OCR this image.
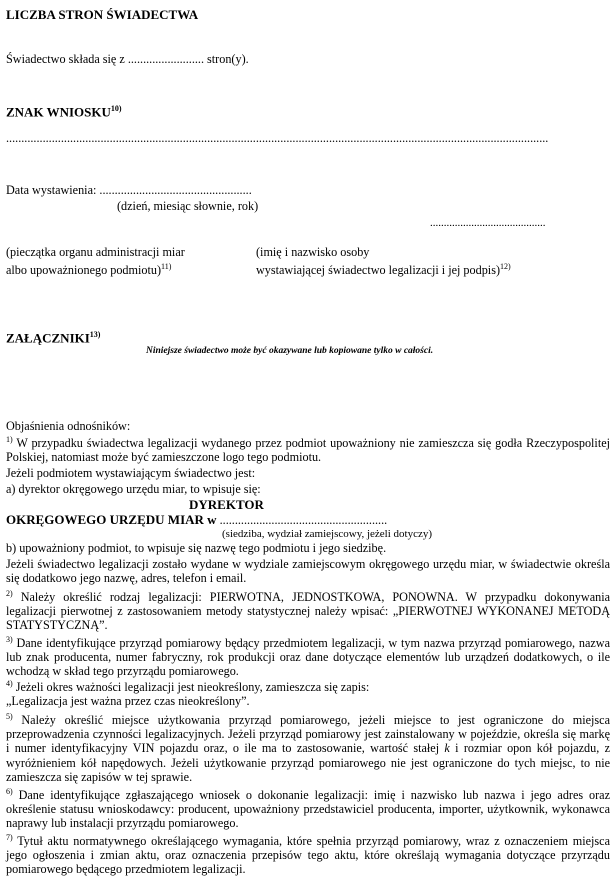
LICZBA STRON ŚWIADECTWA
Świadectwo składa się z ......................... stron(y).
ZNAK WNIOSKU$^{10)}$
..................................................................................................................................................................................
Data wystawienia: ..................................................
(dzień, miesiąc słownie, rok)
..........................................
(pieczątka organu administracji miar
albo upoważnionego podmiotu)$^{11)}$
(imię i nazwisko osoby
wystawiającej świadectwo legalizacji i jej podpis)$^{12)}$
ZAŁĄCZNIKI$^{13)}$
Niniejsze świadectwo może być okazywane lub kopiowane tylko w całości.
Objaśnienia odnośników:
$^{1)}$ W przypadku świadectwa legalizacji wydanego przez podmiot upoważniony nie zamieszcza się godła Rzeczypospolitej Polskiej, natomiast może być zamieszczone logo tego podmiotu.
Jeżeli podmiotem wystawiającym świadectwo jest:
a) dyrektor okręgowego urzędu miar, to wpisuje się:
DYREKTOR
OKRĘGOWEGO URZĘDU MIAR w .......................................................
(siedziba, wydział zamiejscowy, jeżeli dotyczy)
b) upoważniony podmiot, to wpisuje się nazwę tego podmiotu i jego siedzibę.
Jeżeli świadectwo legalizacji zostało wydane w wydziale zamiejscowym okręgowego urzędu miar, w świadectwie określa się dodatkowo jego nazwę, adres, telefon i email.
$^{2)}$ Należy określić rodzaj legalizacji: PIERWOTNA, JEDNOSTKOWA, PONOWNA. W przypadku dokonywania legalizacji pierwotnej z zastosowaniem metody statystycznej należy wpisać: „PIERWOTNEJ WYKONANEJ METODĄ STATYSTYCZNĄ”.
$^{3)}$ Dane identyfikujące przyrząd pomiarowy będący przedmiotem legalizacji, w tym nazwa przyrząd pomiarowego, nazwa lub znak producenta, numer fabryczny, rok produkcji oraz dane dotyczące elementów lub urządzeń dodatkowych, o ile wchodzą w skład tego przyrządu pomiarowego.
$^{4)}$ Jeżeli okres ważności legalizacji jest nieokreślony, zamieszcza się zapis:
„Legalizacja jest ważna przez czas nieokreślony”.
$^{5)}$ Należy określić miejsce użytkowania przyrząd pomiarowego, jeżeli miejsce to jest ograniczone do miejsca przeprowadzenia czynności legalizacyjnych. Jeżeli przyrząd pomiarowy jest zainstalowany w pojeździe, określa się markę i numer identyfikacyjny VIN pojazdu oraz, o ile ma to zastosowanie, wartość stałej k i rozmiar opon kół pojazdu, z wyróżnieniem kół napędowych. Jeżeli użytkowanie przyrząd pomiarowego nie jest ograniczone do tych miejsc, to nie zamieszcza się zapisów w tej sprawie.
$^{6)}$ Dane identyfikujące zgłaszającego wniosek o dokonanie legalizacji: imię i nazwisko lub nazwa i jego adres oraz określenie statusu wnioskodawcy: producent, upoważniony przedstawiciel producenta, importer, użytkownik, wykonawca naprawy lub instalacji przyrządu pomiarowego.
$^{7)}$ Tytuł aktu normatywnego określającego wymagania, które spełnia przyrząd pomiarowy, wraz z oznaczeniem miejsca jego ogłoszenia i zmian aktu, oraz oznaczenia przepisów tego aktu, które określają wymagania dotyczące przyrządu pomiarowego będącego przedmiotem legalizacji.
